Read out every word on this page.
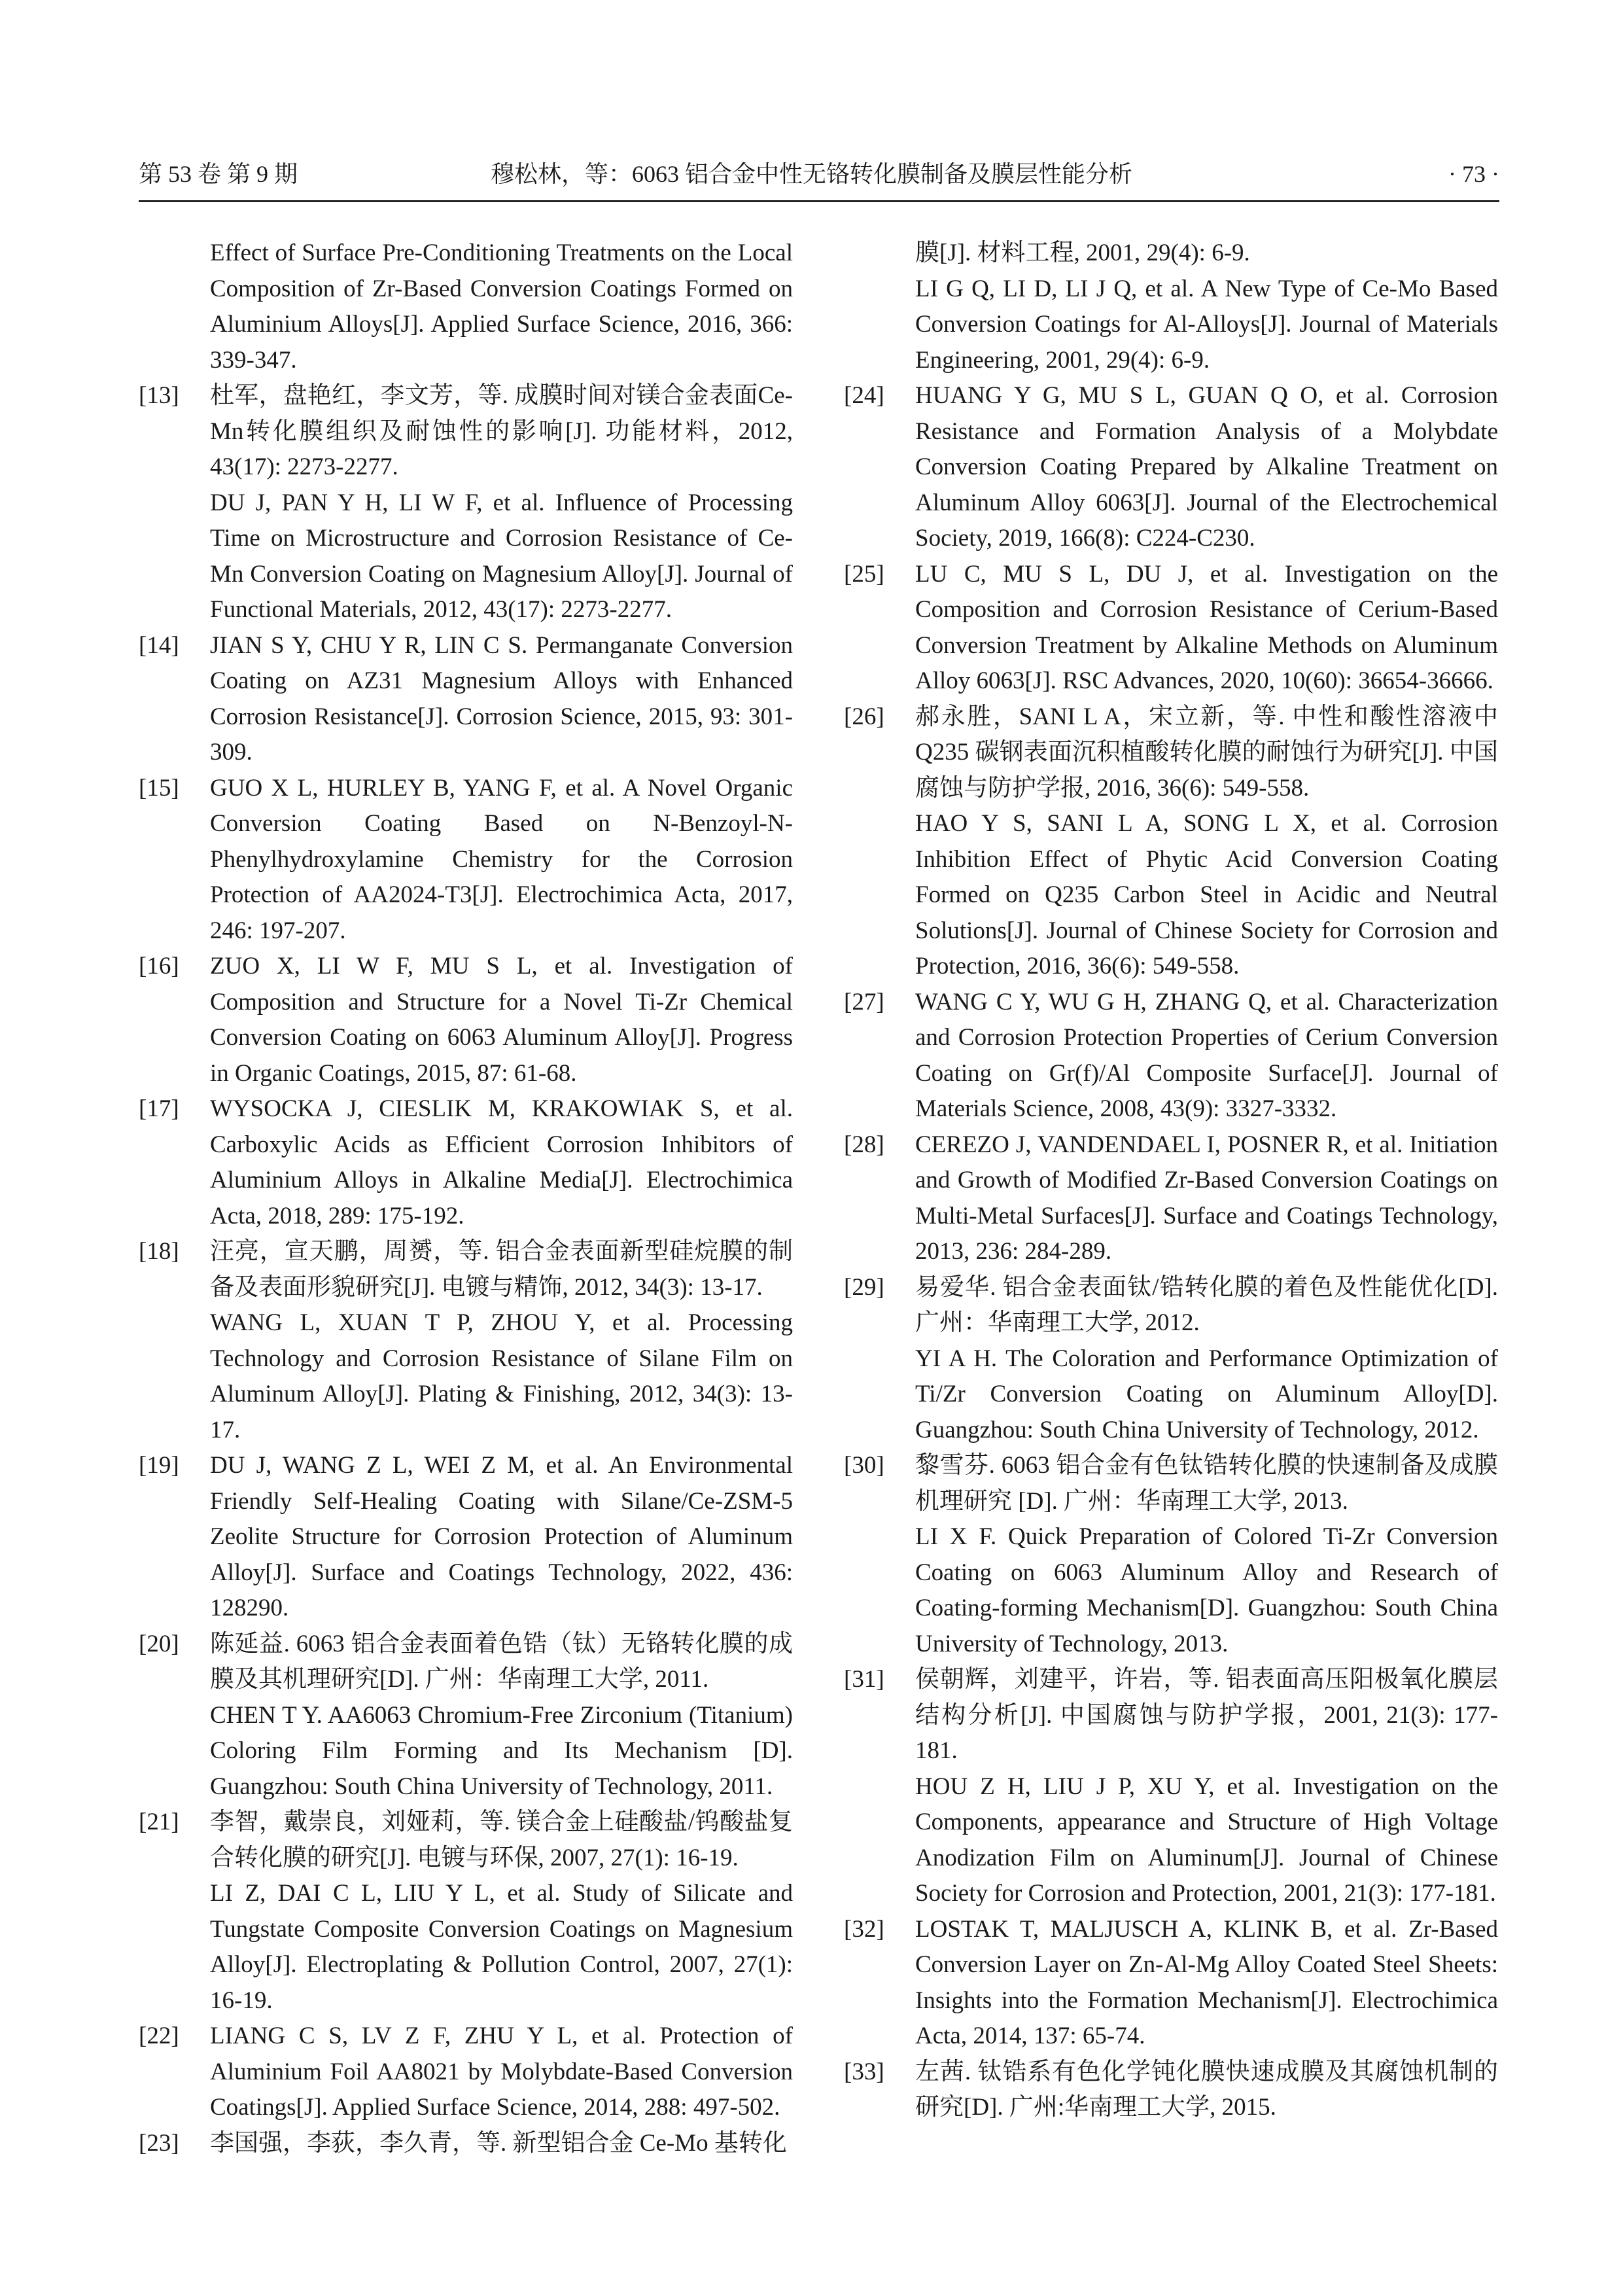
第 53 卷 第 9 期	穆松林，等：6063 铝合金中性无铬转化膜制备及膜层性能分析	· 73 ·
Effect of Surface Pre-Conditioning Treatments on the Local Composition of Zr-Based Conversion Coatings Formed on Aluminium Alloys[J]. Applied Surface Science, 2016, 366: 339-347.
[13] 杜军，盘艳红，李文芳，等. 成膜时间对镁合金表面Ce-Mn转化膜组织及耐蚀性的影响[J]. 功能材料，2012, 43(17): 2273-2277.
DU J, PAN Y H, LI W F, et al. Influence of Processing Time on Microstructure and Corrosion Resistance of Ce-Mn Conversion Coating on Magnesium Alloy[J]. Journal of Functional Materials, 2012, 43(17): 2273-2277.
[14] JIAN S Y, CHU Y R, LIN C S. Permanganate Conversion Coating on AZ31 Magnesium Alloys with Enhanced Corrosion Resistance[J]. Corrosion Science, 2015, 93: 301-309.
[15] GUO X L, HURLEY B, YANG F, et al. A Novel Organic Conversion Coating Based on N-Benzoyl-N-Phenylhydroxylamine Chemistry for the Corrosion Protection of AA2024-T3[J]. Electrochimica Acta, 2017, 246: 197-207.
[16] ZUO X, LI W F, MU S L, et al. Investigation of Composition and Structure for a Novel Ti-Zr Chemical Conversion Coating on 6063 Aluminum Alloy[J]. Progress in Organic Coatings, 2015, 87: 61-68.
[17] WYSOCKA J, CIESLIK M, KRAKOWIAK S, et al. Carboxylic Acids as Efficient Corrosion Inhibitors of Aluminium Alloys in Alkaline Media[J]. Electrochimica Acta, 2018, 289: 175-192.
[18] 汪亮，宣天鹏，周赟，等. 铝合金表面新型硅烷膜的制备及表面形貌研究[J]. 电镀与精饰, 2012, 34(3): 13-17.
WANG L, XUAN T P, ZHOU Y, et al. Processing Technology and Corrosion Resistance of Silane Film on Aluminum Alloy[J]. Plating & Finishing, 2012, 34(3): 13-17.
[19] DU J, WANG Z L, WEI Z M, et al. An Environmental Friendly Self-Healing Coating with Silane/Ce-ZSM-5 Zeolite Structure for Corrosion Protection of Aluminum Alloy[J]. Surface and Coatings Technology, 2022, 436: 128290.
[20] 陈延益. 6063 铝合金表面着色锆（钛）无铬转化膜的成膜及其机理研究[D]. 广州：华南理工大学, 2011.
CHEN T Y. AA6063 Chromium-Free Zirconium (Titanium) Coloring Film Forming and Its Mechanism [D]. Guangzhou: South China University of Technology, 2011.
[21] 李智，戴崇良，刘娅莉，等. 镁合金上硅酸盐/钨酸盐复合转化膜的研究[J]. 电镀与环保, 2007, 27(1): 16-19.
LI Z, DAI C L, LIU Y L, et al. Study of Silicate and Tungstate Composite Conversion Coatings on Magnesium Alloy[J]. Electroplating & Pollution Control, 2007, 27(1): 16-19.
[22] LIANG C S, LV Z F, ZHU Y L, et al. Protection of Aluminium Foil AA8021 by Molybdate-Based Conversion Coatings[J]. Applied Surface Science, 2014, 288: 497-502.
[23] 李国强，李荻，李久青，等. 新型铝合金 Ce-Mo 基转化
膜[J]. 材料工程, 2001, 29(4): 6-9.
LI G Q, LI D, LI J Q, et al. A New Type of Ce-Mo Based Conversion Coatings for Al-Alloys[J]. Journal of Materials Engineering, 2001, 29(4): 6-9.
[24] HUANG Y G, MU S L, GUAN Q O, et al. Corrosion Resistance and Formation Analysis of a Molybdate Conversion Coating Prepared by Alkaline Treatment on Aluminum Alloy 6063[J]. Journal of the Electrochemical Society, 2019, 166(8): C224-C230.
[25] LU C, MU S L, DU J, et al. Investigation on the Composition and Corrosion Resistance of Cerium-Based Conversion Treatment by Alkaline Methods on Aluminum Alloy 6063[J]. RSC Advances, 2020, 10(60): 36654-36666.
[26] 郝永胜，SANI L A，宋立新，等. 中性和酸性溶液中Q235 碳钢表面沉积植酸转化膜的耐蚀行为研究[J]. 中国腐蚀与防护学报, 2016, 36(6): 549-558.
HAO Y S, SANI L A, SONG L X, et al. Corrosion Inhibition Effect of Phytic Acid Conversion Coating Formed on Q235 Carbon Steel in Acidic and Neutral Solutions[J]. Journal of Chinese Society for Corrosion and Protection, 2016, 36(6): 549-558.
[27] WANG C Y, WU G H, ZHANG Q, et al. Characterization and Corrosion Protection Properties of Cerium Conversion Coating on Gr(f)/Al Composite Surface[J]. Journal of Materials Science, 2008, 43(9): 3327-3332.
[28] CEREZO J, VANDENDAEL I, POSNER R, et al. Initiation and Growth of Modified Zr-Based Conversion Coatings on Multi-Metal Surfaces[J]. Surface and Coatings Technology, 2013, 236: 284-289.
[29] 易爱华. 铝合金表面钛/锆转化膜的着色及性能优化[D]. 广州：华南理工大学, 2012.
YI A H. The Coloration and Performance Optimization of Ti/Zr Conversion Coating on Aluminum Alloy[D]. Guangzhou: South China University of Technology, 2012.
[30] 黎雪芬. 6063 铝合金有色钛锆转化膜的快速制备及成膜机理研究 [D]. 广州：华南理工大学, 2013.
LI X F. Quick Preparation of Colored Ti-Zr Conversion Coating on 6063 Aluminum Alloy and Research of Coating-forming Mechanism[D]. Guangzhou: South China University of Technology, 2013.
[31] 侯朝辉，刘建平，许岩，等. 铝表面高压阳极氧化膜层结构分析[J]. 中国腐蚀与防护学报，2001, 21(3): 177-181.
HOU Z H, LIU J P, XU Y, et al. Investigation on the Components, appearance and Structure of High Voltage Anodization Film on Aluminum[J]. Journal of Chinese Society for Corrosion and Protection, 2001, 21(3): 177-181.
[32] LOSTAK T, MALJUSCH A, KLINK B, et al. Zr-Based Conversion Layer on Zn-Al-Mg Alloy Coated Steel Sheets: Insights into the Formation Mechanism[J]. Electrochimica Acta, 2014, 137: 65-74.
[33] 左茜. 钛锆系有色化学钝化膜快速成膜及其腐蚀机制的研究[D]. 广州:华南理工大学, 2015.
